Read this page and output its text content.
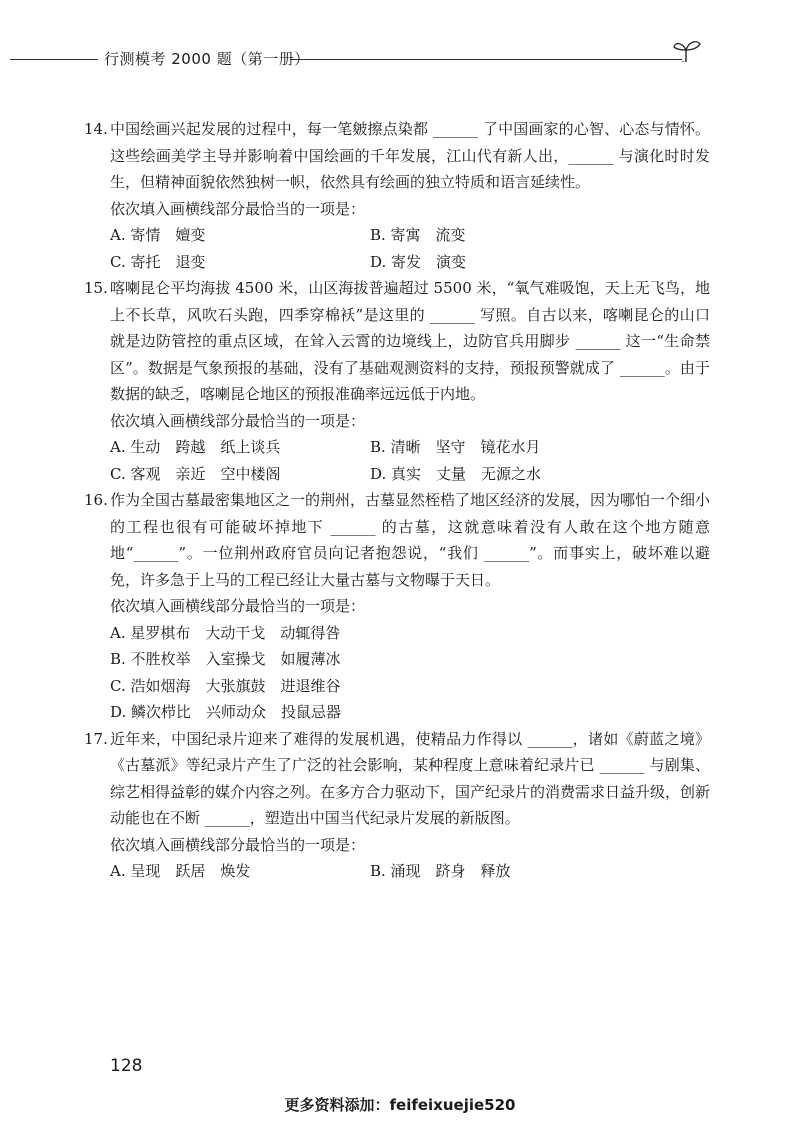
行测模考 2000 题（第一册）
14. 中国绘画兴起发展的过程中，每一笔皴擦点染都 ______ 了中国画家的心智、心态与情怀。这些绘画美学主导并影响着中国绘画的千年发展，江山代有新人出，______ 与演化时时发生，但精神面貌依然独树一帜，依然具有绘画的独立特质和语言延续性。
依次填入画横线部分最恰当的一项是：
A. 寄情　嬗变	B. 寄寓　流变
C. 寄托　退变	D. 寄发　演变
15. 喀喇昆仑平均海拔 4500 米，山区海拔普遍超过 5500 米，“氧气难吸饱，天上无飞鸟，地上不长草，风吹石头跑，四季穿棉袄”是这里的 ______ 写照。自古以来，喀喇昆仑的山口就是边防管控的重点区域，在耸入云霄的边境线上，边防官兵用脚步 ______ 这一“生命禁区”。数据是气象预报的基础，没有了基础观测资料的支持，预报预警就成了 ______。由于数据的缺乏，喀喇昆仑地区的预报准确率远远低于内地。
依次填入画横线部分最恰当的一项是：
A. 生动　跨越　纸上谈兵	B. 清晰　坚守　镜花水月
C. 客观　亲近　空中楼阁	D. 真实　丈量　无源之水
16. 作为全国古墓最密集地区之一的荆州，古墓显然桎梏了地区经济的发展，因为哪怕一个细小的工程也很有可能破坏掉地下 ______ 的古墓，这就意味着没有人敢在这个地方随意地“______”。一位荆州政府官员向记者抱怨说，“我们 ______”。而事实上，破坏难以避免，许多急于上马的工程已经让大量古墓与文物曝于天日。
依次填入画横线部分最恰当的一项是：
A. 星罗棋布　大动干戈　动辄得咎
B. 不胜枚举　入室操戈　如履薄冰
C. 浩如烟海　大张旗鼓　进退维谷
D. 鳞次栉比　兴师动众　投鼠忌器
17. 近年来，中国纪录片迎来了难得的发展机遇，使精品力作得以 ______，诸如《蔚蓝之境》《古墓派》等纪录片产生了广泛的社会影响，某种程度上意味着纪录片已 ______ 与剧集、综艺相得益彰的媒介内容之列。在多方合力驱动下，国产纪录片的消费需求日益升级，创新动能也在不断 ______，塑造出中国当代纪录片发展的新版图。
依次填入画横线部分最恰当的一项是：
A. 呈现　跃居　焕发	B. 涌现　跻身　释放
128
更多资料添加：feifeixuejie520
